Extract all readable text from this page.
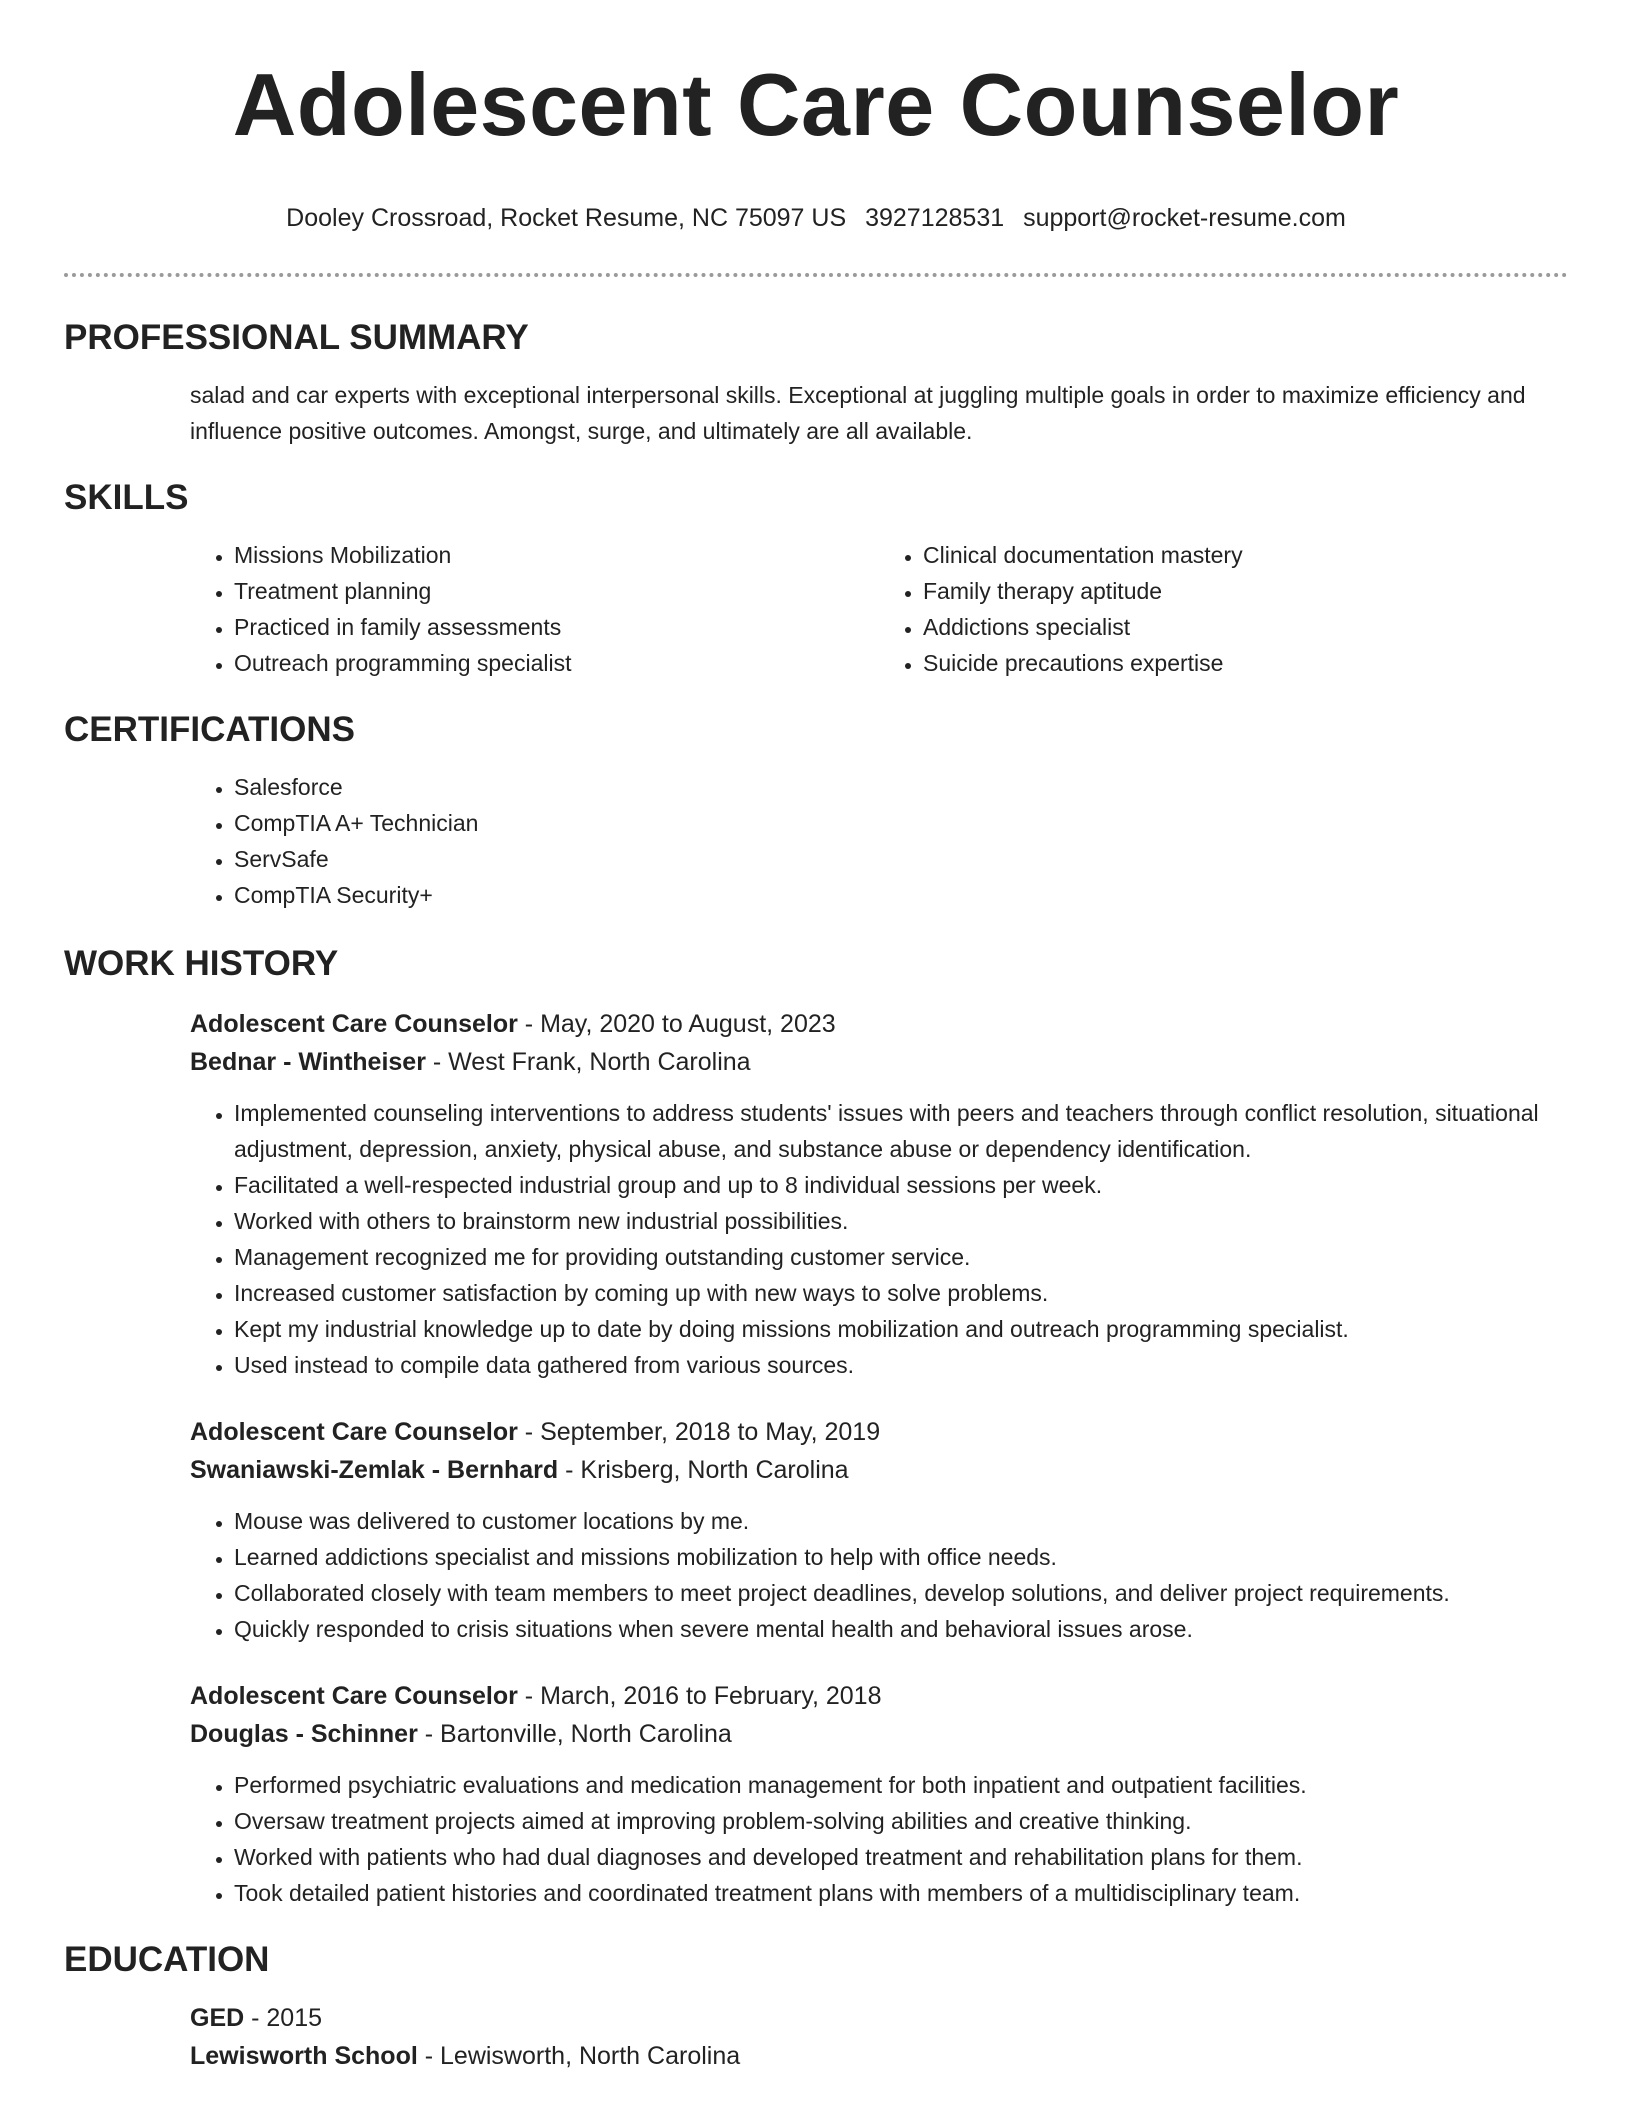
Adolescent Care Counselor
Dooley Crossroad, Rocket Resume, NC 75097 US 3927128531 support@rocket-resume.com
PROFESSIONAL SUMMARY
salad and car experts with exceptional interpersonal skills. Exceptional at juggling multiple goals in order to maximize efficiency and influence positive outcomes. Amongst, surge, and ultimately are all available.
SKILLS
• Missions Mobilization
• Treatment planning
• Practiced in family assessments
• Outreach programming specialist
• Clinical documentation mastery
• Family therapy aptitude
• Addictions specialist
• Suicide precautions expertise
CERTIFICATIONS
• Salesforce
• CompTIA A+ Technician
• ServSafe
• CompTIA Security+
WORK HISTORY
Adolescent Care Counselor - May, 2020 to August, 2023
Bednar - Wintheiser - West Frank, North Carolina
• Implemented counseling interventions to address students' issues with peers and teachers through conflict resolution, situational adjustment, depression, anxiety, physical abuse, and substance abuse or dependency identification.
• Facilitated a well-respected industrial group and up to 8 individual sessions per week.
• Worked with others to brainstorm new industrial possibilities.
• Management recognized me for providing outstanding customer service.
• Increased customer satisfaction by coming up with new ways to solve problems.
• Kept my industrial knowledge up to date by doing missions mobilization and outreach programming specialist.
• Used instead to compile data gathered from various sources.
Adolescent Care Counselor - September, 2018 to May, 2019
Swaniawski-Zemlak - Bernhard - Krisberg, North Carolina
• Mouse was delivered to customer locations by me.
• Learned addictions specialist and missions mobilization to help with office needs.
• Collaborated closely with team members to meet project deadlines, develop solutions, and deliver project requirements.
• Quickly responded to crisis situations when severe mental health and behavioral issues arose.
Adolescent Care Counselor - March, 2016 to February, 2018
Douglas - Schinner - Bartonville, North Carolina
• Performed psychiatric evaluations and medication management for both inpatient and outpatient facilities.
• Oversaw treatment projects aimed at improving problem-solving abilities and creative thinking.
• Worked with patients who had dual diagnoses and developed treatment and rehabilitation plans for them.
• Took detailed patient histories and coordinated treatment plans with members of a multidisciplinary team.
EDUCATION
GED - 2015
Lewisworth School - Lewisworth, North Carolina
